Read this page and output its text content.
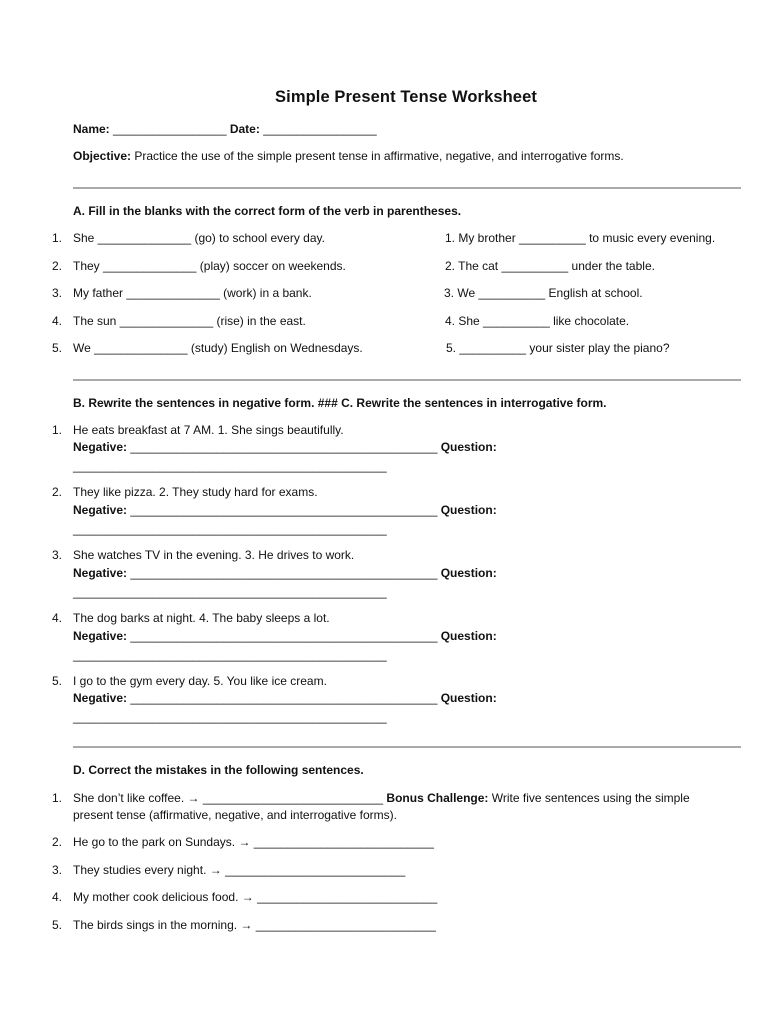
Simple Present Tense Worksheet
Name: _________________ Date: _________________
Objective: Practice the use of the simple present tense in affirmative, negative, and interrogative forms.
A. Fill in the blanks with the correct form of the verb in parentheses.
1. She ______________ (go) to school every day.
2. They ______________ (play) soccer on weekends.
3. My father ______________ (work) in a bank.
4. The sun ______________ (rise) in the east.
5. We ______________ (study) English on Wednesdays.
1. My brother __________ to music every evening.
2. The cat __________ under the table.
3. We __________ English at school.
4. She __________ like chocolate.
5. __________ your sister play the piano?
B. Rewrite the sentences in negative form. ### C. Rewrite the sentences in interrogative form.
1. He eats breakfast at 7 AM. 1. She sings beautifully.
Negative: ______________________________________________ Question:
_______________________________________________
2. They like pizza. 2. They study hard for exams.
Negative: ______________________________________________ Question:
_______________________________________________
3. She watches TV in the evening. 3. He drives to work.
Negative: ______________________________________________ Question:
_______________________________________________
4. The dog barks at night. 4. The baby sleeps a lot.
Negative: ______________________________________________ Question:
_______________________________________________
5. I go to the gym every day. 5. You like ice cream.
Negative: ______________________________________________ Question:
_______________________________________________
D. Correct the mistakes in the following sentences.
1. She don’t like coffee. → ___________________________ Bonus Challenge: Write five sentences using the simple
present tense (affirmative, negative, and interrogative forms).
2. He go to the park on Sundays. → ___________________________
3. They studies every night. → ___________________________
4. My mother cook delicious food. → ___________________________
5. The birds sings in the morning. → ___________________________
